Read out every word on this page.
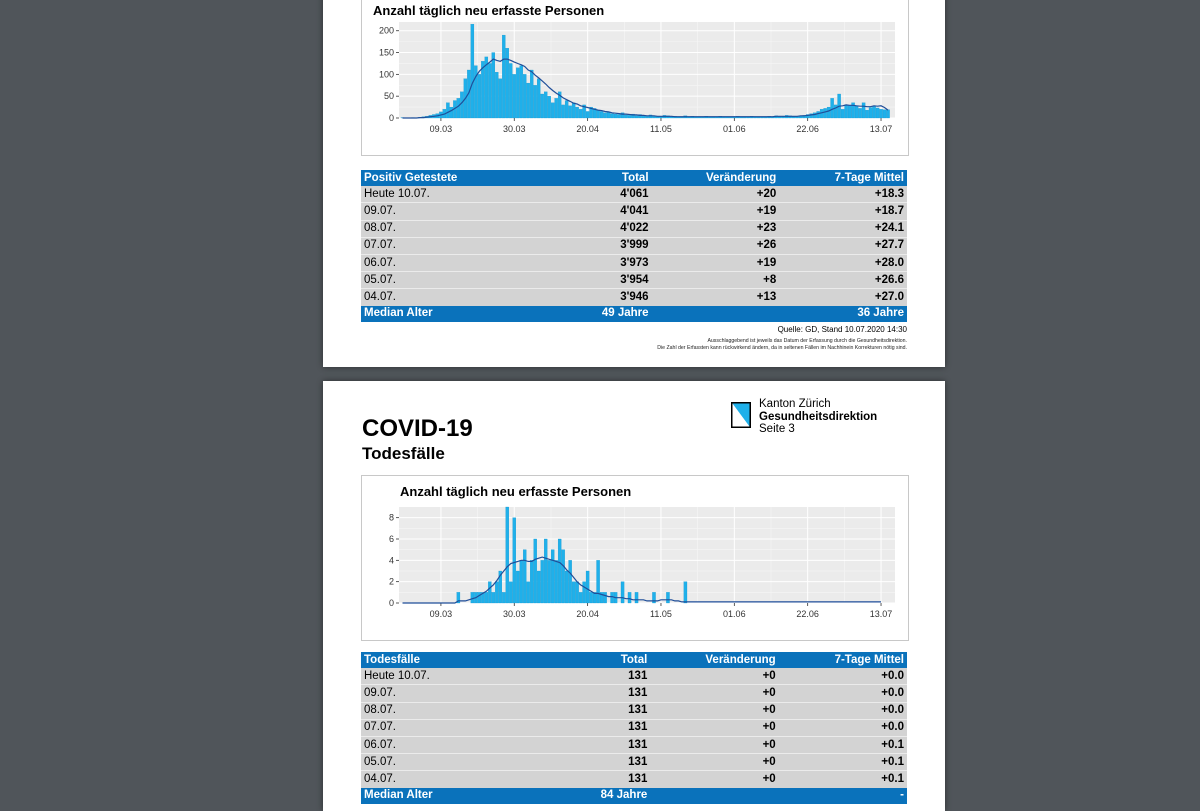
Anzahl täglich neu erfasste Personen
0
50
100
150
200
09.03	30.03	20.04	11.05	01.06	22.06	13.07
Positiv Getestete	Total	Veränderung	7-Tage Mittel
Heute 10.07.	4'061	+20	+18.3
09.07.	4'041	+19	+18.7
08.07.	4'022	+23	+24.1
07.07.	3'999	+26	+27.7
06.07.	3'973	+19	+28.0
05.07.	3'954	+8	+26.6
04.07.	3'946	+13	+27.0
Median Alter	49 Jahre		36 Jahre
Quelle: GD, Stand 10.07.2020 14:30
Ausschlaggebend ist jeweils das Datum der Erfassung durch die Gesundheitsdirektion.
Die Zahl der Erfassten kann rückwirkend ändern, da in seltenen Fällen im Nachhinein Korrekturen nötig sind.
COVID-19
Todesfälle
Kanton Zürich
Gesundheitsdirektion
Seite 3
Anzahl täglich neu erfasste Personen
0
2
4
6
8
09.03	30.03	20.04	11.05	01.06	22.06	13.07
Todesfälle	Total	Veränderung	7-Tage Mittel
Heute 10.07.	131	+0	+0.0
09.07.	131	+0	+0.0
08.07.	131	+0	+0.0
07.07.	131	+0	+0.0
06.07.	131	+0	+0.1
05.07.	131	+0	+0.1
04.07.	131	+0	+0.1
Median Alter	84 Jahre		-
